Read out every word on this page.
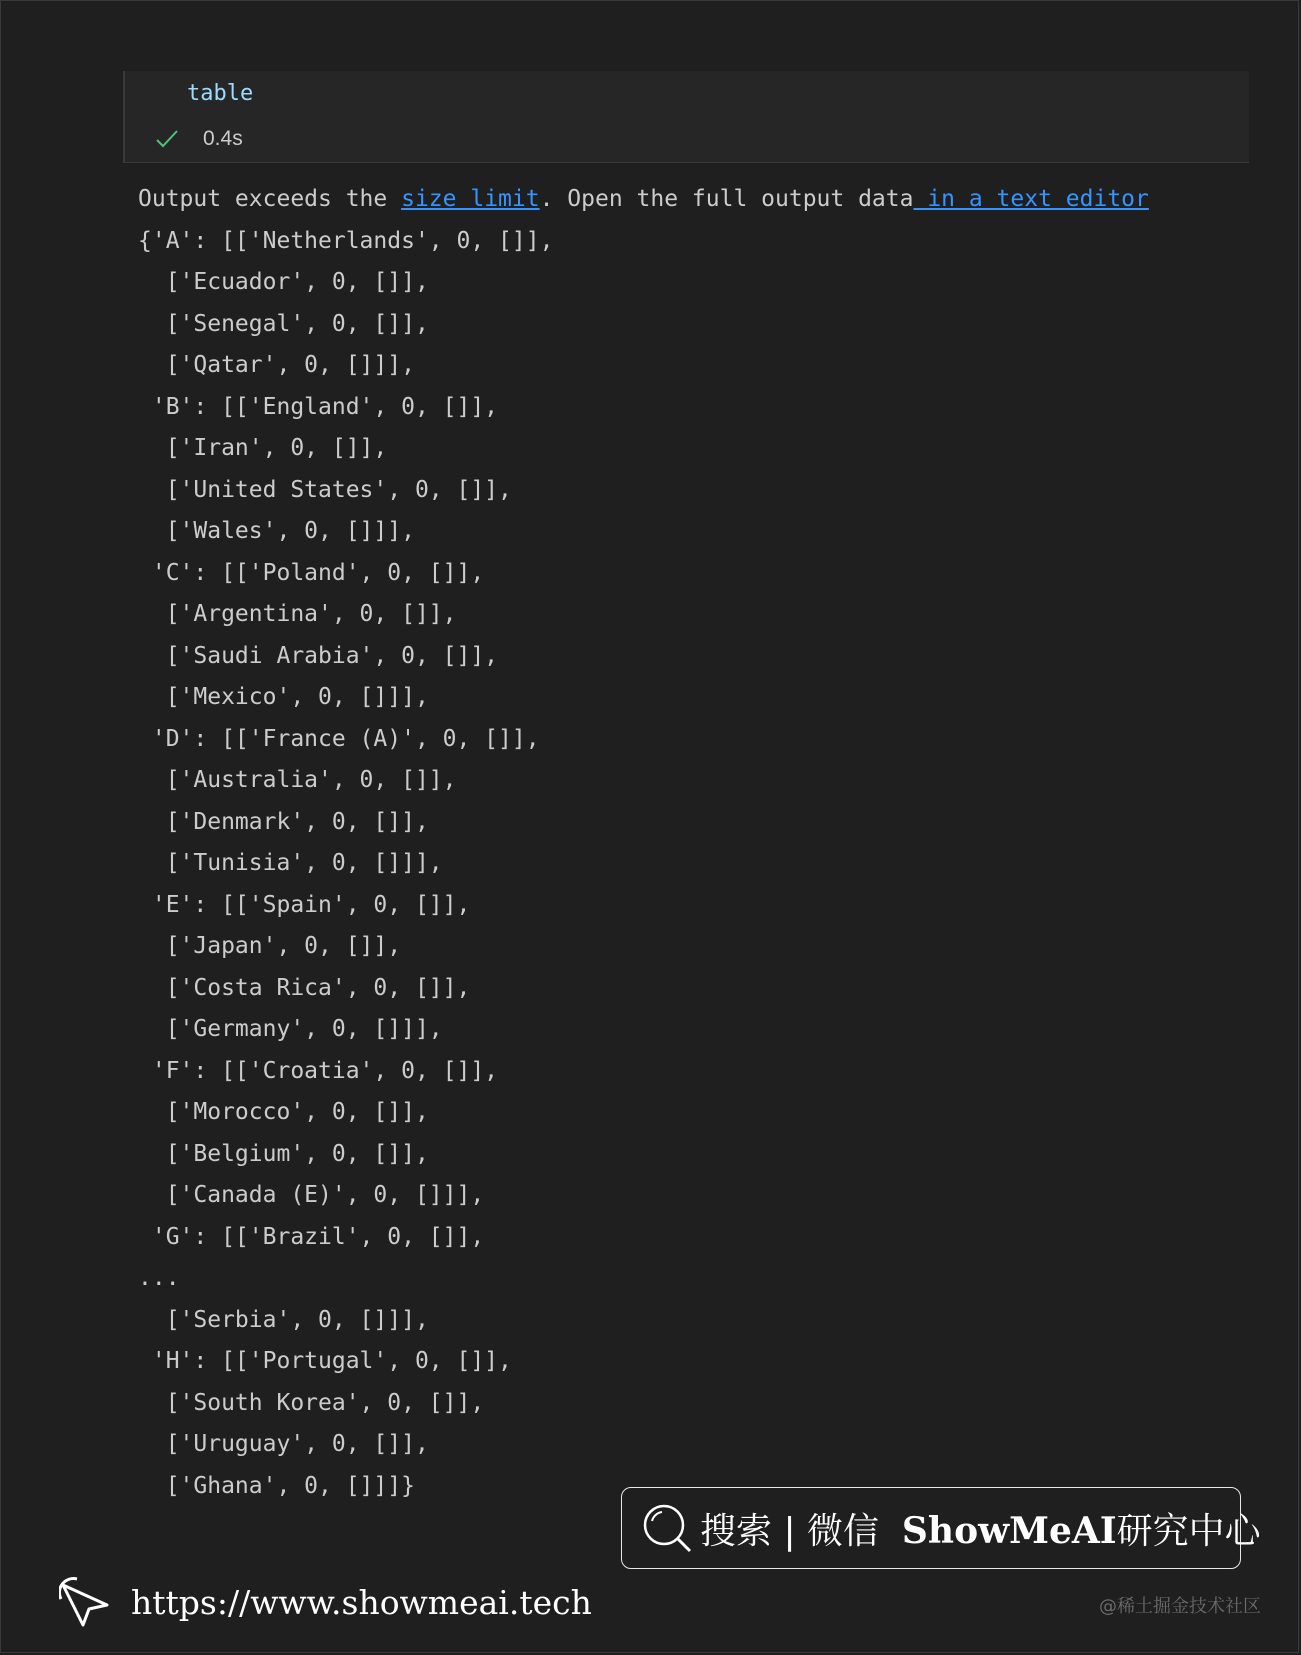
table
0.4s
Output exceeds the size limit. Open the full output data in a text editor
{'A': [['Netherlands', 0, []],
['Ecuador', 0, []],
['Senegal', 0, []],
['Qatar', 0, []]],
'B': [['England', 0, []],
['Iran', 0, []],
['United States', 0, []],
['Wales', 0, []]],
'C': [['Poland', 0, []],
['Argentina', 0, []],
['Saudi Arabia', 0, []],
['Mexico', 0, []]],
'D': [['France (A)', 0, []],
['Australia', 0, []],
['Denmark', 0, []],
['Tunisia', 0, []]],
'E': [['Spain', 0, []],
['Japan', 0, []],
['Costa Rica', 0, []],
['Germany', 0, []]],
'F': [['Croatia', 0, []],
['Morocco', 0, []],
['Belgium', 0, []],
['Canada (E)', 0, []]],
'G': [['Brazil', 0, []],
...
['Serbia', 0, []]],
'H': [['Portugal', 0, []],
['South Korea', 0, []],
['Uruguay', 0, []],
['Ghana', 0, []]]}
搜索 | 微信 ShowMeAI研究中心
https://www.showmeai.tech	@稀土掘金技术社区
